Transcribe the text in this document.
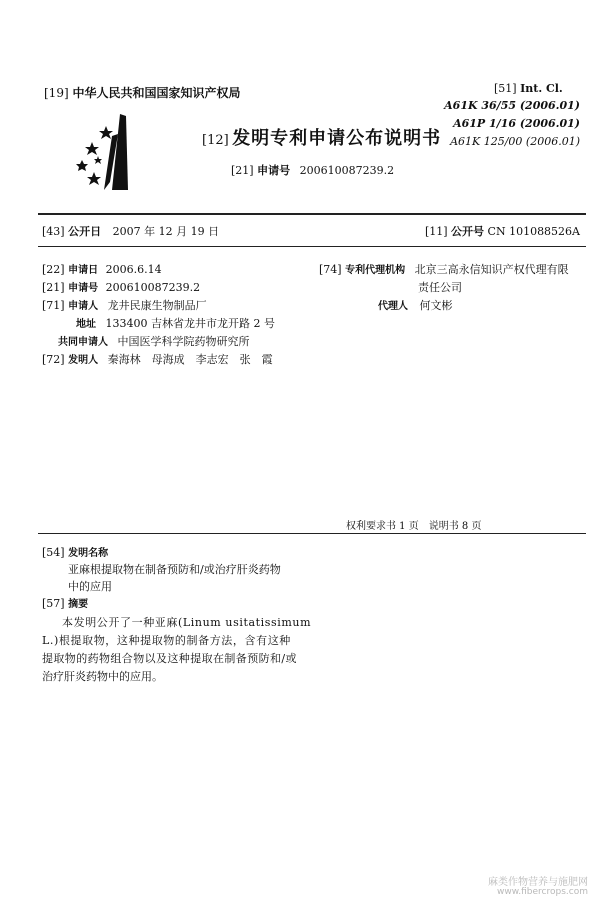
[19] 中华人民共和国国家知识产权局
[12] 发明专利申请公布说明书
[21] 申请号 200610087239.2
[51] Int. Cl.
A61K 36/55 (2006.01)
A61P 1/16 (2006.01)
A61K 125/00 (2006.01)
[43] 公开日 2007 年 12 月 19 日	[11] 公开号 CN 101088526A
[22] 申请日 2006.6.14
[21] 申请号 200610087239.2
[71] 申请人 龙井民康生物制品厂
地址 133400 吉林省龙井市龙开路 2 号
共同申请人 中国医学科学院药物研究所
[72] 发明人 秦海林　母海成　李志宏　张　霞
[74] 专利代理机构 北京三高永信知识产权代理有限
责任公司
代理人 何文彬
权利要求书 1 页　说明书 8 页
[54] 发明名称
亚麻根提取物在制备预防和/或治疗肝炎药物
中的应用
[57] 摘要
本发明公开了一种亚麻(Linum usitatissimum
L.)根提取物，这种提取物的制备方法，含有这种
提取物的药物组合物以及这种提取在制备预防和/或
治疗肝炎药物中的应用。
麻类作物营养与施肥网
www.fibercrops.com
